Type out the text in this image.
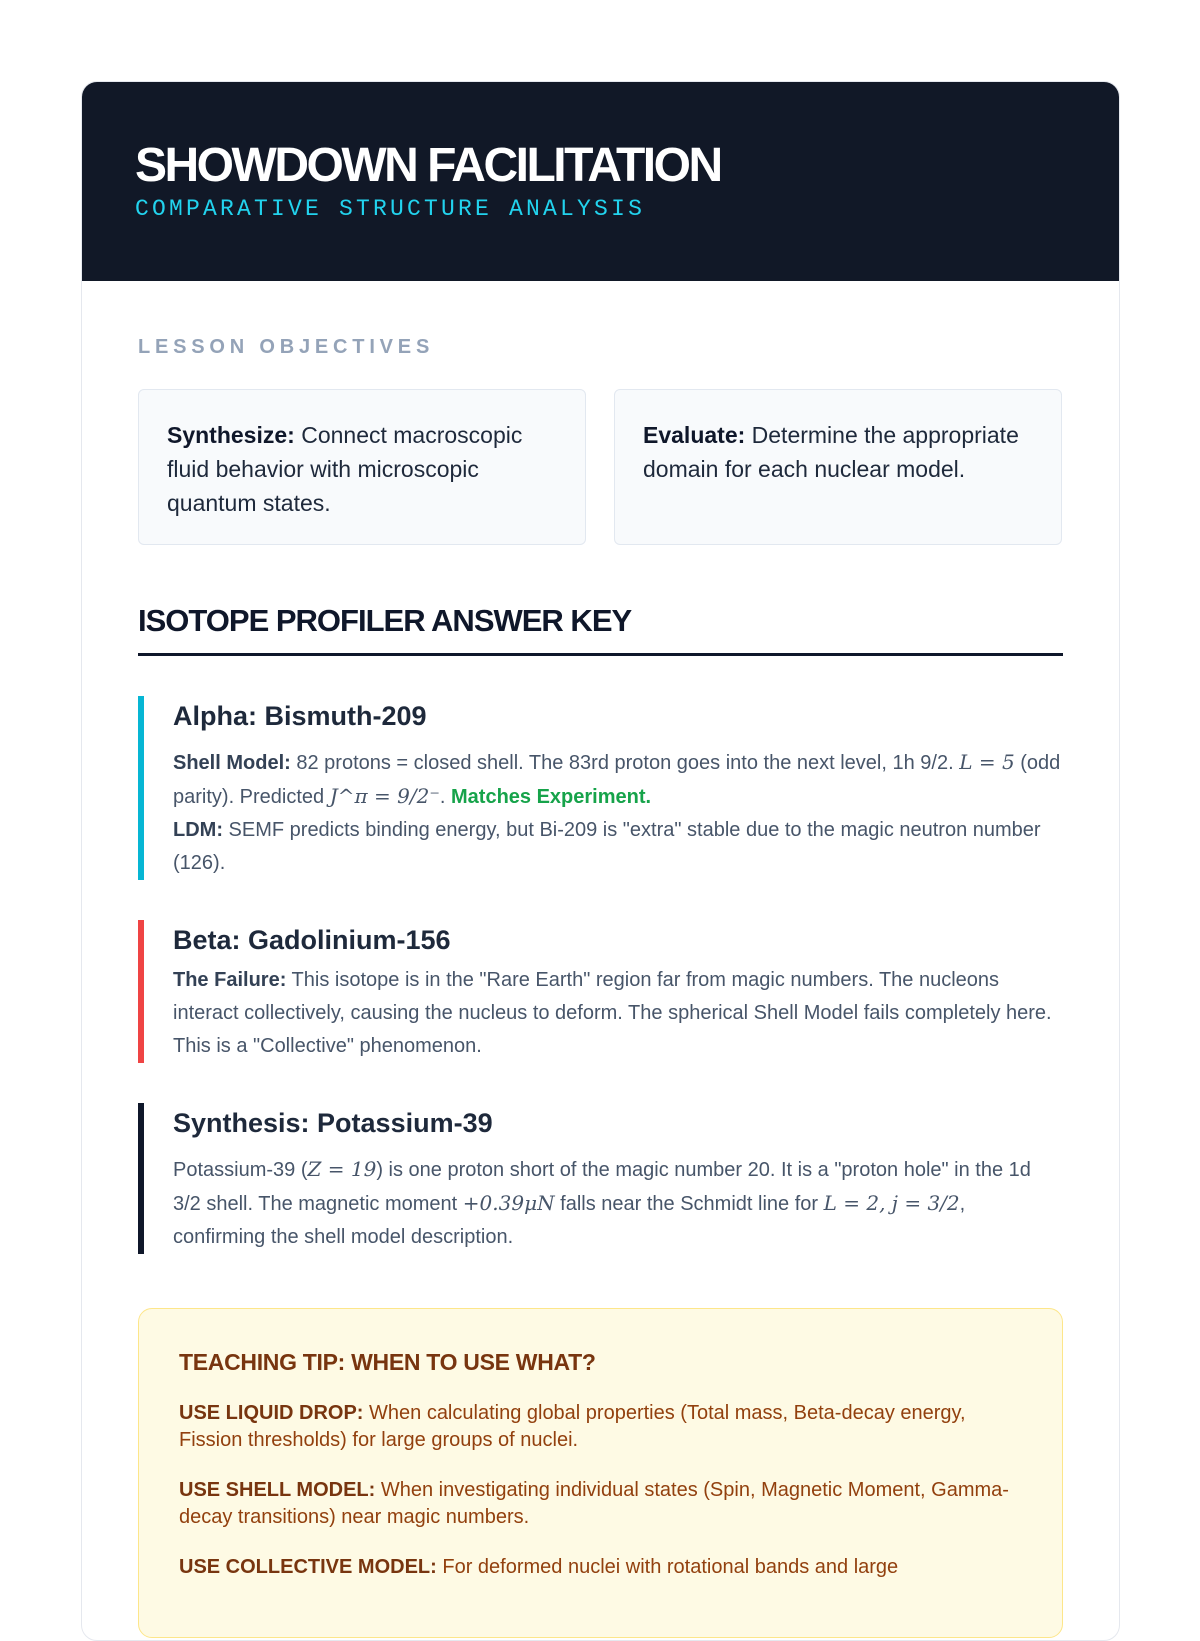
SHOWDOWN FACILITATION
COMPARATIVE STRUCTURE ANALYSIS
LESSON OBJECTIVES
Synthesize: Connect macroscopic fluid behavior with microscopic quantum states.
Evaluate: Determine the appropriate domain for each nuclear model.
ISOTOPE PROFILER ANSWER KEY
Alpha: Bismuth-209

Shell Model: 82 protons = closed shell. The 83rd proton goes into the next level, 1h 9/2. L = 5 (odd parity). Predicted J^π = 9/2⁻. Matches Experiment.

LDM: SEMF predicts binding energy, but Bi-209 is "extra" stable due to the magic neutron number (126).

Beta: Gadolinium-156

The Failure: This isotope is in the "Rare Earth" region far from magic numbers. The nucleons interact collectively, causing the nucleus to deform. The spherical Shell Model fails completely here. This is a "Collective" phenomenon.

Synthesis: Potassium-39

Potassium-39 (Z = 19) is one proton short of the magic number 20. It is a "proton hole" in the 1d 3/2 shell. The magnetic moment +0.39μN falls near the Schmidt line for L = 2, j = 3/2, confirming the shell model description.

TEACHING TIP: WHEN TO USE WHAT?

USE LIQUID DROP: When calculating global properties (Total mass, Beta-decay energy, Fission thresholds) for large groups of nuclei.

USE SHELL MODEL: When investigating individual states (Spin, Magnetic Moment, Gamma-decay transitions) near magic numbers.

USE COLLECTIVE MODEL: For deformed nuclei with rotational bands and large
